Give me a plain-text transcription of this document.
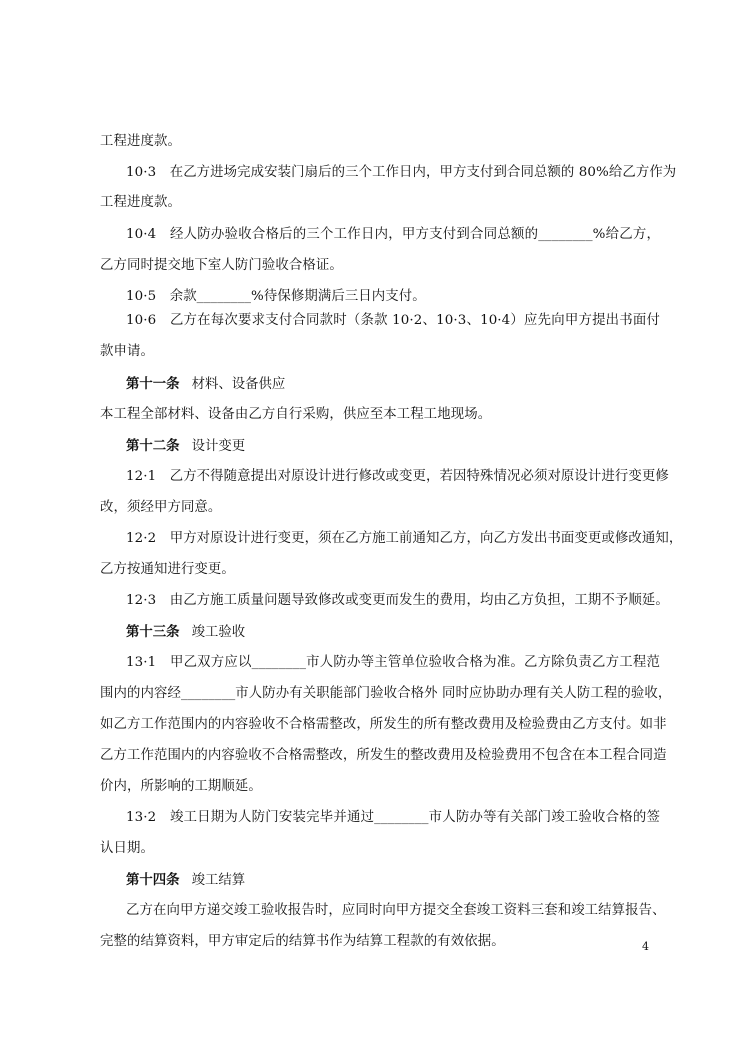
工程进度款。
10·3　在乙方进场完成安装门扇后的三个工作日内，甲方支付到合同总额的 80%给乙方作为
工程进度款。
10·4　经人防办验收合格后的三个工作日内，甲方支付到合同总额的________%给乙方，
乙方同时提交地下室人防门验收合格证。
10·5　余款________%待保修期满后三日内支付。
10·6　乙方在每次要求支付合同款时（条款 10·2、10·3、10·4）应先向甲方提出书面付
款申请。
第十一条 材料、设备供应
本工程全部材料、设备由乙方自行采购，供应至本工程工地现场。
第十二条 设计变更
12·1　乙方不得随意提出对原设计进行修改或变更，若因特殊情况必须对原设计进行变更修
改，须经甲方同意。
12·2　甲方对原设计进行变更，须在乙方施工前通知乙方，向乙方发出书面变更或修改通知，
乙方按通知进行变更。
12·3　由乙方施工质量问题导致修改或变更而发生的费用，均由乙方负担，工期不予顺延。
第十三条 竣工验收
13·1　甲乙双方应以________市人防办等主管单位验收合格为准。乙方除负责乙方工程范
围内的内容经________市人防办有关职能部门验收合格外 同时应协助办理有关人防工程的验收，
如乙方工作范围内的内容验收不合格需整改，所发生的所有整改费用及检验费由乙方支付。如非
乙方工作范围内的内容验收不合格需整改，所发生的整改费用及检验费用不包含在本工程合同造
价内，所影响的工期顺延。
13·2　竣工日期为人防门安装完毕并通过________市人防办等有关部门竣工验收合格的签
认日期。
第十四条 竣工结算
乙方在向甲方递交竣工验收报告时，应同时向甲方提交全套竣工资料三套和竣工结算报告、
完整的结算资料，甲方审定后的结算书作为结算工程款的有效依据。	4
